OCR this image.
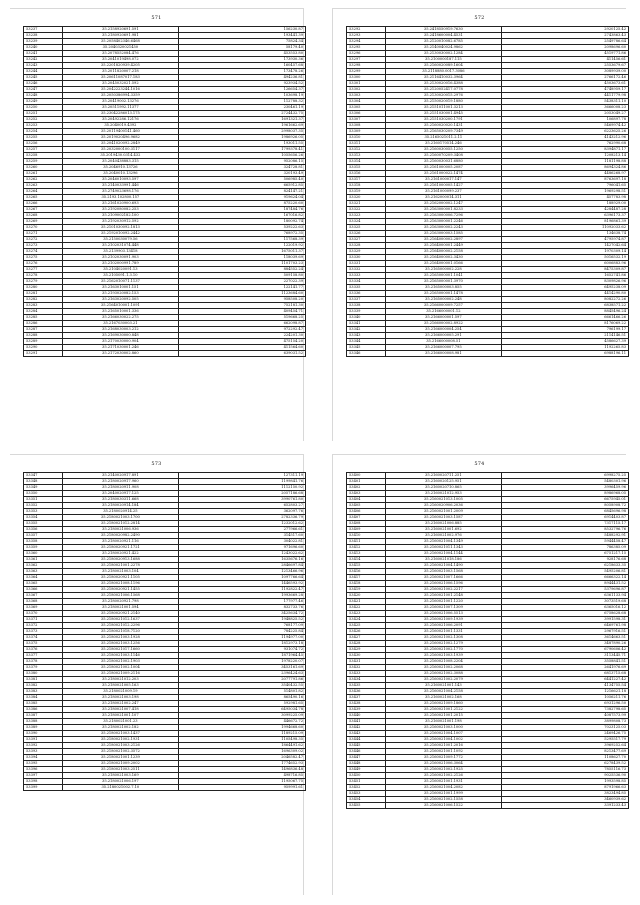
571
53237	35.2158920691.591	156230.87
53238	35.2180920691.981	193441.39
53239	35.2058402346.6468	75824.34
53240	35.2040320021450	58179.40
53241	35.2078552084.476	453553.80
53242	35.2041019498.072	173930.36
53243	35.2201820939.4205	160457.68
53244	35.2011820007.218	173478.26
53245	35.20611087017.183	494236.81
53246	35.2045032021.592	923934.52
53247	35.2042223244.1016	126654.37
53248	35.2050386994.3359	103698.19
53249	35.20419002.13276	112788.32
53250	35.20511992.11377	230461.19
53251	35.23042286013.175	2724432.75
53252	35.20492286.12176	1691321.37
53253	35.2040019.4392	1961662.69
53254	35.20119400141.460	2998037.35
53255	35.2019020496.9682	1986926.05
53256	35.2041020092.2849	193011.55
53257	35.2032000100.3117	1799378.41
53258	35.2019430.0314.432	1055656.26
53259	35.2040438883.315	952086.15
53260	35.2046910.13726	324728.81
53261	35.2040010.13296	320193.49
53262	35.2046010093.597	506985.40
53263	35.2140033991.446	665912.85
53264	35.2749023698.176	824147.21
53265	35.2193.102800.157	919624.04
53266	35.2161020900.693	875220.60
53267	35.2192080082.253	187484.76
53268	35.2109002182.100	167016.82
53269	35.2192030912.592	180092.74
53270	35.2101030092.1813	539222.63
53271	35.2192010092.2442	768972.35
53272	35.2150030079.56	117568.39
53273	35.2102031074.448	122019.92
53274	35.2139903.13418	1675011.37
53275	35.2102030091.903	118039.69
53276	35.2102000991.789	1101703.23
53277	35.2104020091.13	884552.24
53278	35.2105091.1.3.10	509158.80
53279	35.2162010071.1137	227022.39
53280	35.2163010001.151	122141.77
53281	35.2193020082.153	1123684.60
53282	35.2163020092.505	958508.20
53283	35.2164010001.1091	752181.30
53284	35.2165010001.336	409454.71
53285	35.2166030022.275	519668.25
53286	35.2167030003.21	662098.87
53287	35.2168030003.212	972292.47
53288	35.2169030000.848	224201.30
53289	35.2170030000.904	475154.20
53290	35.2171030001.246	411564.60
53291	35.2172030002.860	639031.52
572
53292	35.2418550919.7630	2920125.42
53293	35.2418600004.4531	2743863.43
53294	35.2120010082.6785	2549786.64
53295	35.2140040024.9862	2098696.60
53296	35.2130030002.1284	4519771.86
53297	35.2100000187.115	411456.61
53298	35.2160020089.1604	2553679.67
53299	35.2118880.0017.3086	3089939.00
53300	35.2116410032.3964	2766172.46
53301	35.2130020016.4388	4503673.61
53302	35.2120052417.0778	4748959.17
53303	35.2130020015.2976	4411779.98
53304	35.2150020019.1880	5438311.10
53305	35.2151011001.3213	3666008.23
53306	35.2151030001.4945	2053049.27
53307	35.2151030200.1791	106897.78
53308	35.2160020020.1431	5469974.42
53309	35.2165030209.7349	6223625.26
53310	35.2165021011.2.11	4143212.96
53311	35.2160170514.246	762990.68
53312	35.2160030055.1250	8394871.17
53313	35.2160070209.3408	1208213.14
53314	35.2160030031.6880	1181198.88
53315	35.2161000005.2087	8694324.86
53316	35.2161000022.1474	4486268.97
53317	35.2161000017.147	8763697.18
53318	35.2161000005.1427	796041.65
53319	35.2161000099.237	1969298.51
53320	35.2162000014.311	457783.98
53321	35.2162000002.1247	188929.00
53322	35.2163000001.8233	4284487.28
53323	35.2163000006.7296	6396173.37
53324	35.2163000001.2246	8196861.39
53325	35.2163000002.2243	11092033.62
53326	35.2163000003.1585	134638.74
53327	35.2164000002.2897	4795974.87
53328	35.2164000001.2449	1427042.64
53329	35.2164000002.2158	1970309.14
53330	35.2164000002.3430	5016532.19
53331	35.2164000001.0166	6006883.96
53332	35.2165000002.228	8475309.87
53333	35.2165000001.1041	1652741.86
53334	35.2165000001.3970	8309826.96
53335	35.2165000003.855	6495238.09
53336	35.2165000001.1478	4414290.80
53337	35.2165000002.248	8082272.26
53338	35.2166000009.7257	6838571.22
53339	35.2166000001.12	8845496.24
53340	35.2166000001.597	6661466.26
53341	35.2166000002.8922	8176069.22
53342	35.2166000004.254	796199.17
53343	35.2166000005.291	2114146.51
53344	35.2166000008.51	4586627.39
53345	35.2166000007.795	1192265.83
53346	35.2166000008.981	6988196.11
573
53347	35.2140020917.891	127311.19
53348	35.2180020917.960	1199841.76
53349	35.2180020911.908	1112150.92
53350	35.2040020917.125	2057186.68
53351	35.2180030311.668	3990761.80
53352	35.2180020914.184	652803.27
53353	35.2180020914.25	362097.76
53354	35.2180021003.1700	2782336.79
53355	35.2180021012.2814	1232012.62
53356	35.2180021006.936	277966.61
53357	35.2180020982.2490	314517.60
53358	35.2180020921.116	304022.81
53359	35.2180020921.1721	971696.60
53360	35.2180020921.422	1243022.62
53361	35.2180020913.1688	1635676.16
53362	35.2180021001.2278	2846697.84
53363	35.2180021003.104	1213466.96
53364	35.2180020921.1105	1097766.64
53365	35.2180021008.1196	1446593.92
53366	35.2180020921.1455	1192822.47
53367	35.2180021006.1568	1993669.28
53368	35.2180020921.798	177977.46
53369	35.2180021001.594	832733.76
53370	35.2180020921.2140	3425634.72
53371	35.2180021012.1637	1948825.52
53372	35.2180021012.2296	768177.09
53373	35.2180021018.7120	784225.84
53374	35.2180021003.1928	1194977.00
53375	35.2180021003.1256	1812973.18
53376	35.2180021017.1660	931074.72
53377	35.2180021003.1146	1871964.45
53378	35.2180021002.1903	1978220.07
53379	35.2180021002.1004	3453161.69
53380	35.2180021009.2116	2396424.63
53381	35.2180021012.203	2077791.86
53382	35.2180021005.163	3540432.55
53383	35.2180021009.19	514801.82
53384	35.2180021003.198	865490.16
53385	35.2180021002.247	592981.65
53386	35.2180021007.418	6495034.78
53387	35.2180021001.107	3099225.09
53388	35.2180021001.23	446672.72
53389	35.2180021002.182	1994668.60
53390	35.2180021003.1437	1189215.09
53391	35.2180021002.1931	1105498.35
53392	35.2180021003.2126	1864491.62
53393	35.2180021002.3572	1696309.02
53394	35.2180021001.1239	2046582.47
53395	35.2180021009.2002	1774652.93
53396	35.2180021003.2511	1496836.48
53397	35.2180021003.169	498716.85
53398	35.2180021006.197	1195067.75
53399	35.2180021002.7.10	959991.61
574
53400	35.2160020711.251	6998275.25
53401	35.2160020125.951	5480301.96
53402	35.2160020710.865	3996459.96
53403	35.2160021012.953	8986968.05
53404	35.2160021013.1005	6675945.01
53405	35.2160020906.2036	8058908.72
53406	35.2160021001.2009	6845696.98
53407	35.2160021003.1587	6914403.87
53408	35.2160021006.885	7317115.17
53409	35.2160021001.692	8532796.76
53410	35.2160021002.976	5488292.91
53411	35.2160021004.1349	5944458.47
53412	35.2160021011.1343	786385.09
53413	35.2160021004.1144	6751217.15
53414	35.2160021018.186	928176.68
53415	35.2160021004.1490	6218633.35
53416	35.2160021003.1568	5495206.81
53417	35.2160021007.1666	6666322.14
53418	35.2160021006.1596	8944431.52
53419	35.2160021002.2217	5379696.87
53420	35.2160021001.2148	6361133.94
53421	35.2160021001.1220	3073519.68
53422	35.2160021007.1309	6365016.12
53423	35.2160021006.5513	6758628.68
53424	35.2160021009.1939	3991598.31
53425	35.2160021006.2091	6469761.98
53426	35.2160021001.1331	2967916.51
53427	35.2160021002.1308	3614663.51
53428	35.2160021002.1279	3487890.26
53429	35.2160021002.1770	6790606.42
53430	35.2160021003.1939	3113445.71
53431	35.2160021008.2204	3558841.51
53432	35.2160021002.2068	2641976.69
53433	35.2160021002.3088	6813715.68
53434	35.2160021002.2079	6441227.42
53435	35.2160021001.143	4134755.54
53436	35.2160021004.2158	1216621.18
53437	35.2160021002.168	1056211.76
53438	35.2160021009.1860	6931296.50
53439	35.2160021001.2122	7382798.65
53440	35.2160021001.2015	4087573.99
53441	35.2160021001.198	3899808.73
53442	35.2160021003.1000	7023125.03
53443	35.2160021004.1007	2469426.75
53444	35.2160021004.1002	5295517.79
53445	35.2160021001.2016	3969252.64
53446	35.2160021001.1092	8213477.69
53447	35.2160021009.1772	1108627.70
53448	35.2160021006.3064	6278439.52
53449	35.2160021002.1925	7855116.73
53450	35.2160021002.2126	9025536.90
53451	35.2160021001.1931	1993598.85
53452	35.2160021004.2082	8791966.63
53453	35.2160021001.1999	3823494.85
53454	35.2160021002.1558	3460939.62
53455	35.2160021006.1522	3391233.43
